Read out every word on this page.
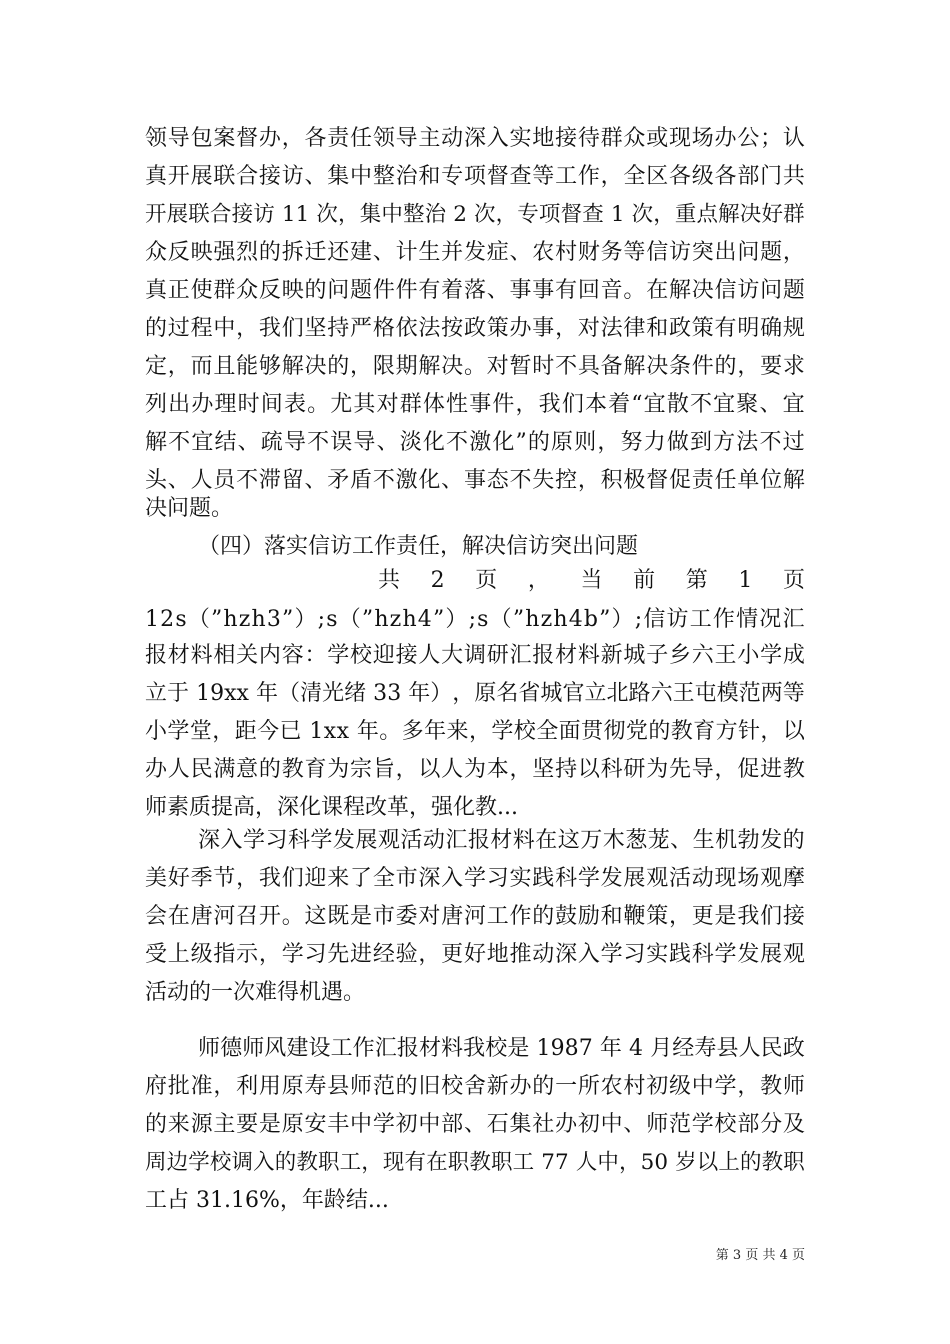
领 导 包 案 督 办 ， 各 责 任 领 导 主 动 深 入 实 地 接 待 群 众 或 现 场 办 公 ； 认
真 开 展 联 合 接 访 、 集 中 整 治 和 专 项 督 查 等 工 作 ， 全 区 各 级 各 部 门 共
开 展 联 合 接 访
1 1
次 ， 集 中 整 治
2
次 ， 专 项 督 查
1
次 ， 重 点 解 决 好 群
众 反 映 强 烈 的 拆 迁 还 建 、 计 生 并 发 症 、 农 村 财 务 等 信 访 突 出 问 题 ，
真 正 使 群 众 反 映 的 问 题 件 件 有 着 落 、 事 事 有 回 音 。 在 解 决 信 访 问 题
的 过 程 中 ， 我 们 坚 持 严 格 依 法 按 政 策 办 事 ， 对 法 律 和 政 策 有 明 确 规
定 ， 而 且 能 够 解 决 的 ， 限 期 解 决 。 对 暂 时 不 具 备 解 决 条 件 的 ， 要 求
列 出 办 理 时 间 表 。 尤 其 对 群 体 性 事 件 ， 我 们 本 着 “ 宜 散 不 宜 聚 、 宜
解 不 宜 结 、 疏 导 不 误 导 、 淡 化 不 激 化 ” 的 原 则 ， 努 力 做 到 方 法 不 过
头 、 人 员 不 滞 留 、 矛 盾 不 激 化 、 事 态 不 失 控 ， 积 极 督 促 责 任 单 位 解
决问题。
（四）落实信访工作责任，解决信访突出问题
共 2 页 ， 当 前 第 1 页
1 2 s （ ” h z h 3 ” ） ; s （ ” h z h 4 ” ） ; s （ ” h z h 4 b ” ） ; 信 访 工 作 情 况 汇
报 材 料 相 关 内 容 ： 学 校 迎 接 人 大 调 研 汇 报 材 料 新 城 子 乡 六 王 小 学 成
立 于
1 9 x x
年 （ 清 光 绪
3 3
年 ） ， 原 名 省 城 官 立 北 路 六 王 屯 模 范 两 等
小 学 堂 ， 距 今 已
1 x x
年 。 多 年 来 ， 学 校 全 面 贯 彻 党 的 教 育 方 针 ， 以
办 人 民 满 意 的 教 育 为 宗 旨 ， 以 人 为 本 ， 坚 持 以 科 研 为 先 导 ， 促 进 教
师素质提高，深化课程改革，强化教...
深 入 学 习 科 学 发 展 观 活 动 汇 报 材 料 在 这 万 木 葱 茏 、 生 机 勃 发 的
美 好 季 节 ， 我 们 迎 来 了 全 市 深 入 学 习 实 践 科 学 发 展 观 活 动 现 场 观 摩
会 在 唐 河 召 开 。 这 既 是 市 委 对 唐 河 工 作 的 鼓 励 和 鞭 策 ， 更 是 我 们 接
受 上 级 指 示 ， 学 习 先 进 经 验 ， 更 好 地 推 动 深 入 学 习 实 践 科 学 发 展 观
活动的一次难得机遇。
师 德 师 风 建 设 工 作 汇 报 材 料 我 校 是
1 9 8 7
年
4
月 经 寿 县 人 民 政
府 批 准 ， 利 用 原 寿 县 师 范 的 旧 校 舍 新 办 的 一 所 农 村 初 级 中 学 ， 教 师
的 来 源 主 要 是 原 安 丰 中 学 初 中 部 、 石 集 社 办 初 中 、 师 范 学 校 部 分 及
周 边 学 校 调 入 的 教 职 工 ， 现 有 在 职 教 职 工
7 7
人 中 ， 5 0
岁 以 上 的 教 职
工占 31.16%，年龄结...
第 3 页 共 4 页
